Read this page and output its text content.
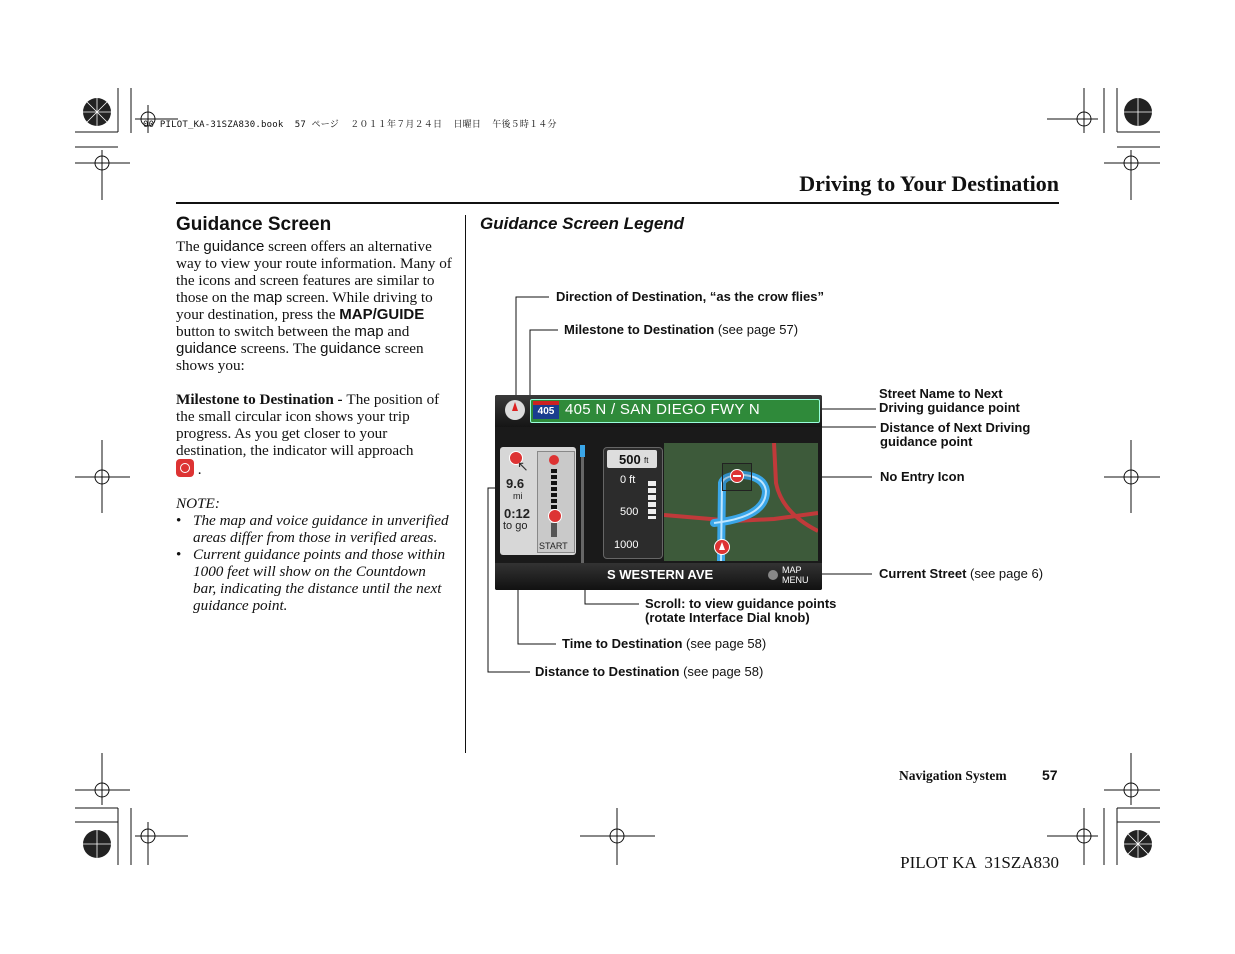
00 PILOT_KA-31SZA830.book  57 ページ  ２０１１年７月２４日  日曜日  午後５時１４分
Driving to Your Destination
Guidance Screen

The guidance screen offers an alternative way to view your route information. Many of the icons and screen features are similar to those on the map screen. While driving to your destination, press the MAP/GUIDE button to switch between the map and guidance screens. The guidance screen shows you:

Milestone to Destination - The position of the small circular icon shows your trip progress. As you get closer to your destination, the indicator will approach

.

NOTE:

• The map and voice guidance in unverified areas differ from those in verified areas.
• Current guidance points and those within 1000 feet will show on the Countdown bar, indicating the distance until the next guidance point.
Guidance Screen Legend
Direction of Destination, “as the crow flies”
Milestone to Destination (see page 57)
Street Name to Next
Driving guidance point
Distance of Next Driving
guidance point
No Entry Icon
Current Street (see page 6)
Scroll: to view guidance points
(rotate Interface Dial knob)
Time to Destination (see page 58)
Distance to Destination (see page 58)
405 405 N / SAN DIEGO FWY N
↖
9.6
mi
0:12
to go
START
500 ft
0 ft
500
1000
S WESTERN AVE	MAP
MENU
Navigation System	57
PILOT KA  31SZA830
